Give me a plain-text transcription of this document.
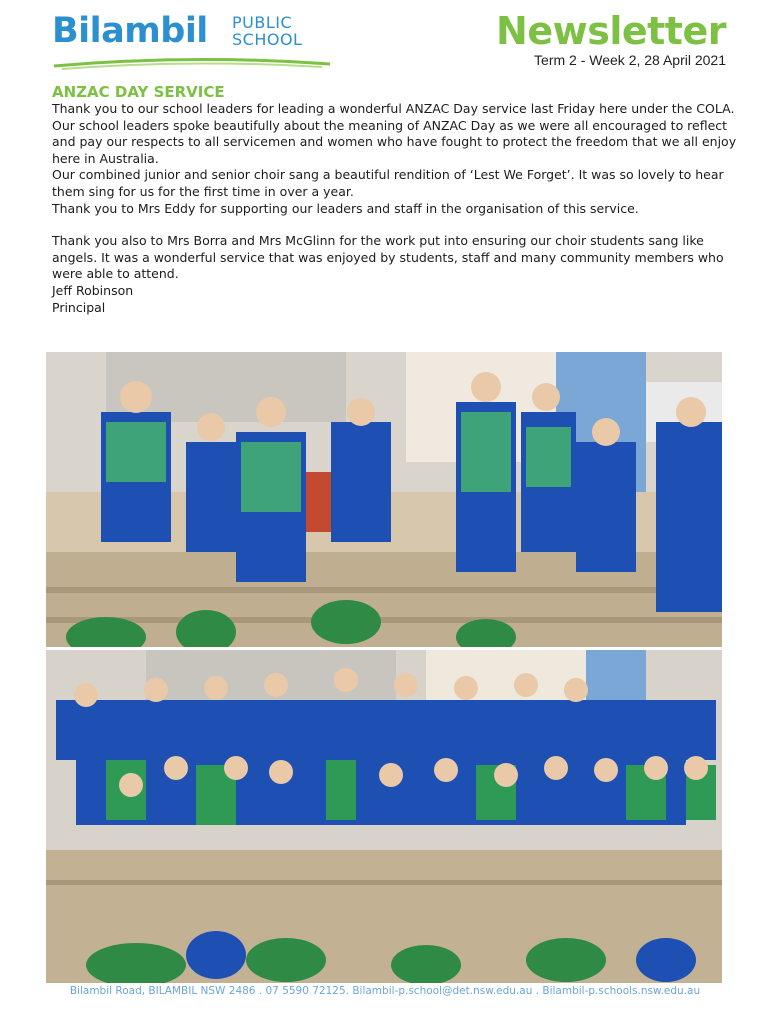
Bilambil PUBLIC
SCHOOL	Newsletter
Term 2 - Week 2, 28 April 2021
ANZAC DAY SERVICE

Thank you to our school leaders for leading a wonderful ANZAC Day service last Friday here under the COLA. Our school leaders spoke beautifully about the meaning of ANZAC Day as we were all encouraged to reflect and pay our respects to all servicemen and women who have fought to protect the freedom that we all enjoy here in Australia.

Our combined junior and senior choir sang a beautiful rendition of ‘Lest We Forget’. It was so lovely to hear them sing for us for the first time in over a year.

Thank you to Mrs Eddy for supporting our leaders and staff in the organisation of this service.

Thank you also to Mrs Borra and Mrs McGlinn for the work put into ensuring our choir students sang like angels. It was a wonderful service that was enjoyed by students, staff and many community members who were able to attend.

Jeff Robinson

Principal

Bilambil Road, BILAMBIL NSW 2486 . 07 5590 72125. Bilambil-p.school@det.nsw.edu.au . Bilambil-p.schools.nsw.edu.au
